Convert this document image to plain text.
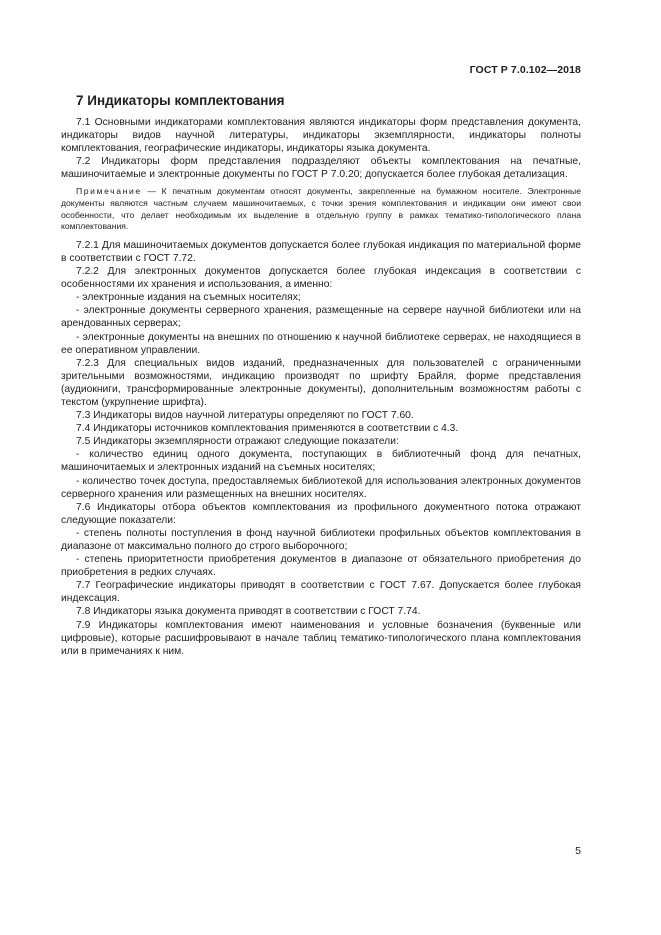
ГОСТ Р 7.0.102—2018
7 Индикаторы комплектования

7.1 Основными индикаторами комплектования являются индикаторы форм представления документа, индикаторы видов научной литературы, индикаторы экземплярности, индикаторы полноты комплектования, географические индикаторы, индикаторы языка документа.

7.2 Индикаторы форм представления подразделяют объекты комплектования на печатные, машиночитаемые и электронные документы по ГОСТ Р 7.0.20; допускается более глубокая детализация.

Примечание — К печатным документам относят документы, закрепленные на бумажном носителе. Электронные документы являются частным случаем машиночитаемых, с точки зрения комплектования и индикации они имеют свои особенности, что делает необходимым их выделение в отдельную группу в рамках тематико-типологического плана комплектования.

7.2.1 Для машиночитаемых документов допускается более глубокая индикация по материальной форме в соответствии с ГОСТ 7.72.

7.2.2 Для электронных документов допускается более глубокая индексация в соответствии с особенностями их хранения и использования, а именно:

- электронные издания на съемных носителях;

- электронные документы серверного хранения, размещенные на сервере научной библиотеки или на арендованных серверах;

- электронные документы на внешних по отношению к научной библиотеке серверах, не находящиеся в ее оперативном управлении.

7.2.3 Для специальных видов изданий, предназначенных для пользователей с ограниченными зрительными возможностями, индикацию производят по шрифту Брайля, форме представления (аудиокниги, трансформированные электронные документы), дополнительным возможностям работы с текстом (укрупнение шрифта).

7.3 Индикаторы видов научной литературы определяют по ГОСТ 7.60.

7.4 Индикаторы источников комплектования применяются в соответствии с 4.3.

7.5 Индикаторы экземплярности отражают следующие показатели:

- количество единиц одного документа, поступающих в библиотечный фонд для печатных, машиночитаемых и электронных изданий на съемных носителях;

- количество точек доступа, предоставляемых библиотекой для использования электронных документов серверного хранения или размещенных на внешних носителях.

7.6 Индикаторы отбора объектов комплектования из профильного документного потока отражают следующие показатели:

- степень полноты поступления в фонд научной библиотеки профильных объектов комплектования в диапазоне от максимально полного до строго выборочного;

- степень приоритетности приобретения документов в диапазоне от обязательного приобретения до приобретения в редких случаях.

7.7 Географические индикаторы приводят в соответствии с ГОСТ 7.67. Допускается более глубокая индексация.

7.8 Индикаторы языка документа приводят в соответствии с ГОСТ 7.74.

7.9 Индикаторы комплектования имеют наименования и условные бозначения (буквенные или цифровые), которые расшифровывают в начале таблиц тематико-типологического плана комплектования или в примечаниях к ним.

5
